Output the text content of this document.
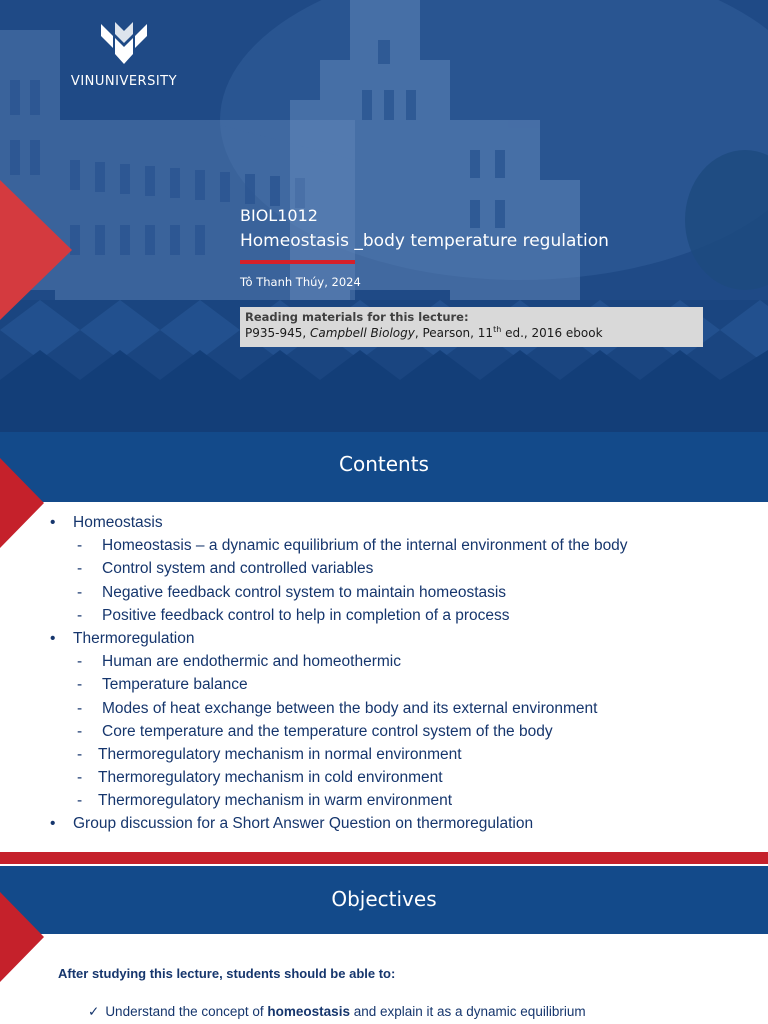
VINUNIVERSITY
BIOL1012
Homeostasis _body temperature regulation
Tô Thanh Thúy, 2024
Reading materials for this lecture:
P935-945, Campbell Biology, Pearson, 11th ed., 2016 ebook
Contents
• Homeostasis
- Homeostasis – a dynamic equilibrium of the internal environment of the body
- Control system and controlled variables
- Negative feedback control system to maintain homeostasis
- Positive feedback control to help in completion of a process
• Thermoregulation
- Human are endothermic and homeothermic
- Temperature balance
- Modes of heat exchange between the body and its external environment
- Core temperature and the temperature control system of the body
- Thermoregulatory mechanism in normal environment
- Thermoregulatory mechanism in cold environment
- Thermoregulatory mechanism in warm environment
• Group discussion for a Short Answer Question on thermoregulation
Objectives
After studying this lecture, students should be able to:
✓ Understand the concept of homeostasis and explain it as a dynamic equilibrium
